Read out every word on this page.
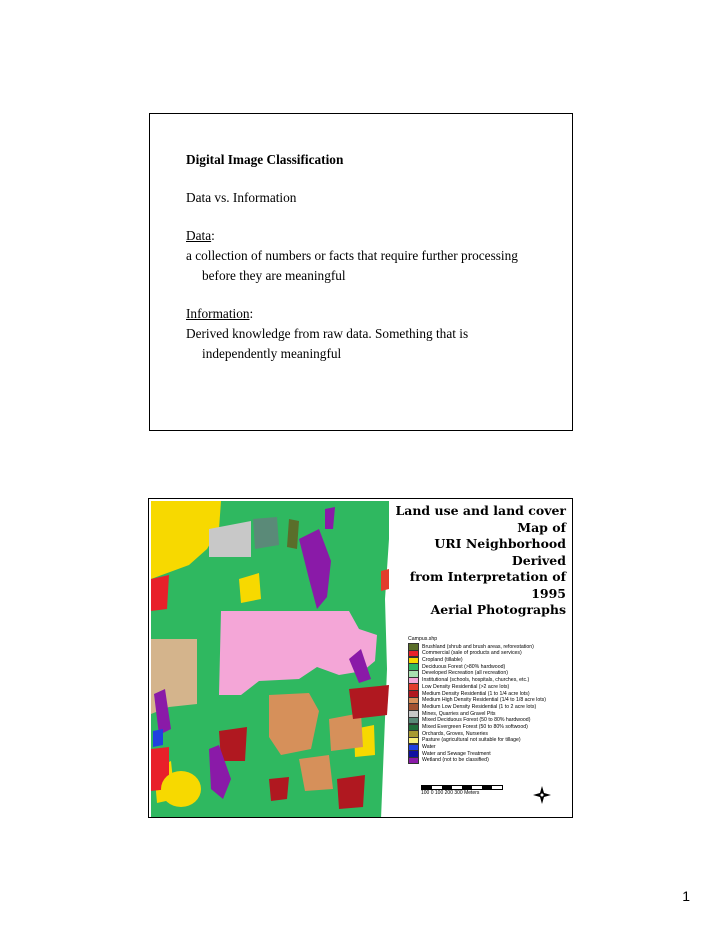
Digital Image Classification
Data vs. Information
Data:
a collection of numbers or facts that require further processing
before they are meaningful
Information:
Derived knowledge from raw data. Something that is
independently meaningful
Land use and land cover Map of
URI Neighborhood Derived
from Interpretation of 1995
Aerial Photographs
Campus.shp
Brushland (shrub and brush areas, reforestation)
Commercial (sale of products and services)
Cropland (tillable)
Deciduous Forest (>80% hardwood)
Developed Recreation (all recreation)
Institutional (schools, hospitals, churches, etc.)
Low Density Residential (>2 acre lots)
Medium Density Residential (1 to 1/4 acre lots)
Medium High Density Residential (1/4 to 1/8 acre lots)
Medium Low Density Residential (1 to 2 acre lots)
Mines, Quarries and Gravel Pits
Mixed Deciduous Forest (50 to 80% hardwood)
Mixed Evergreen Forest (50 to 80% softwood)
Orchards, Groves, Nurseries
Pasture (agricultural not suitable for tillage)
Water
Water and Sewage Treatment
Wetland (not to be classified)
100 0 100 200 300 Meters
1
